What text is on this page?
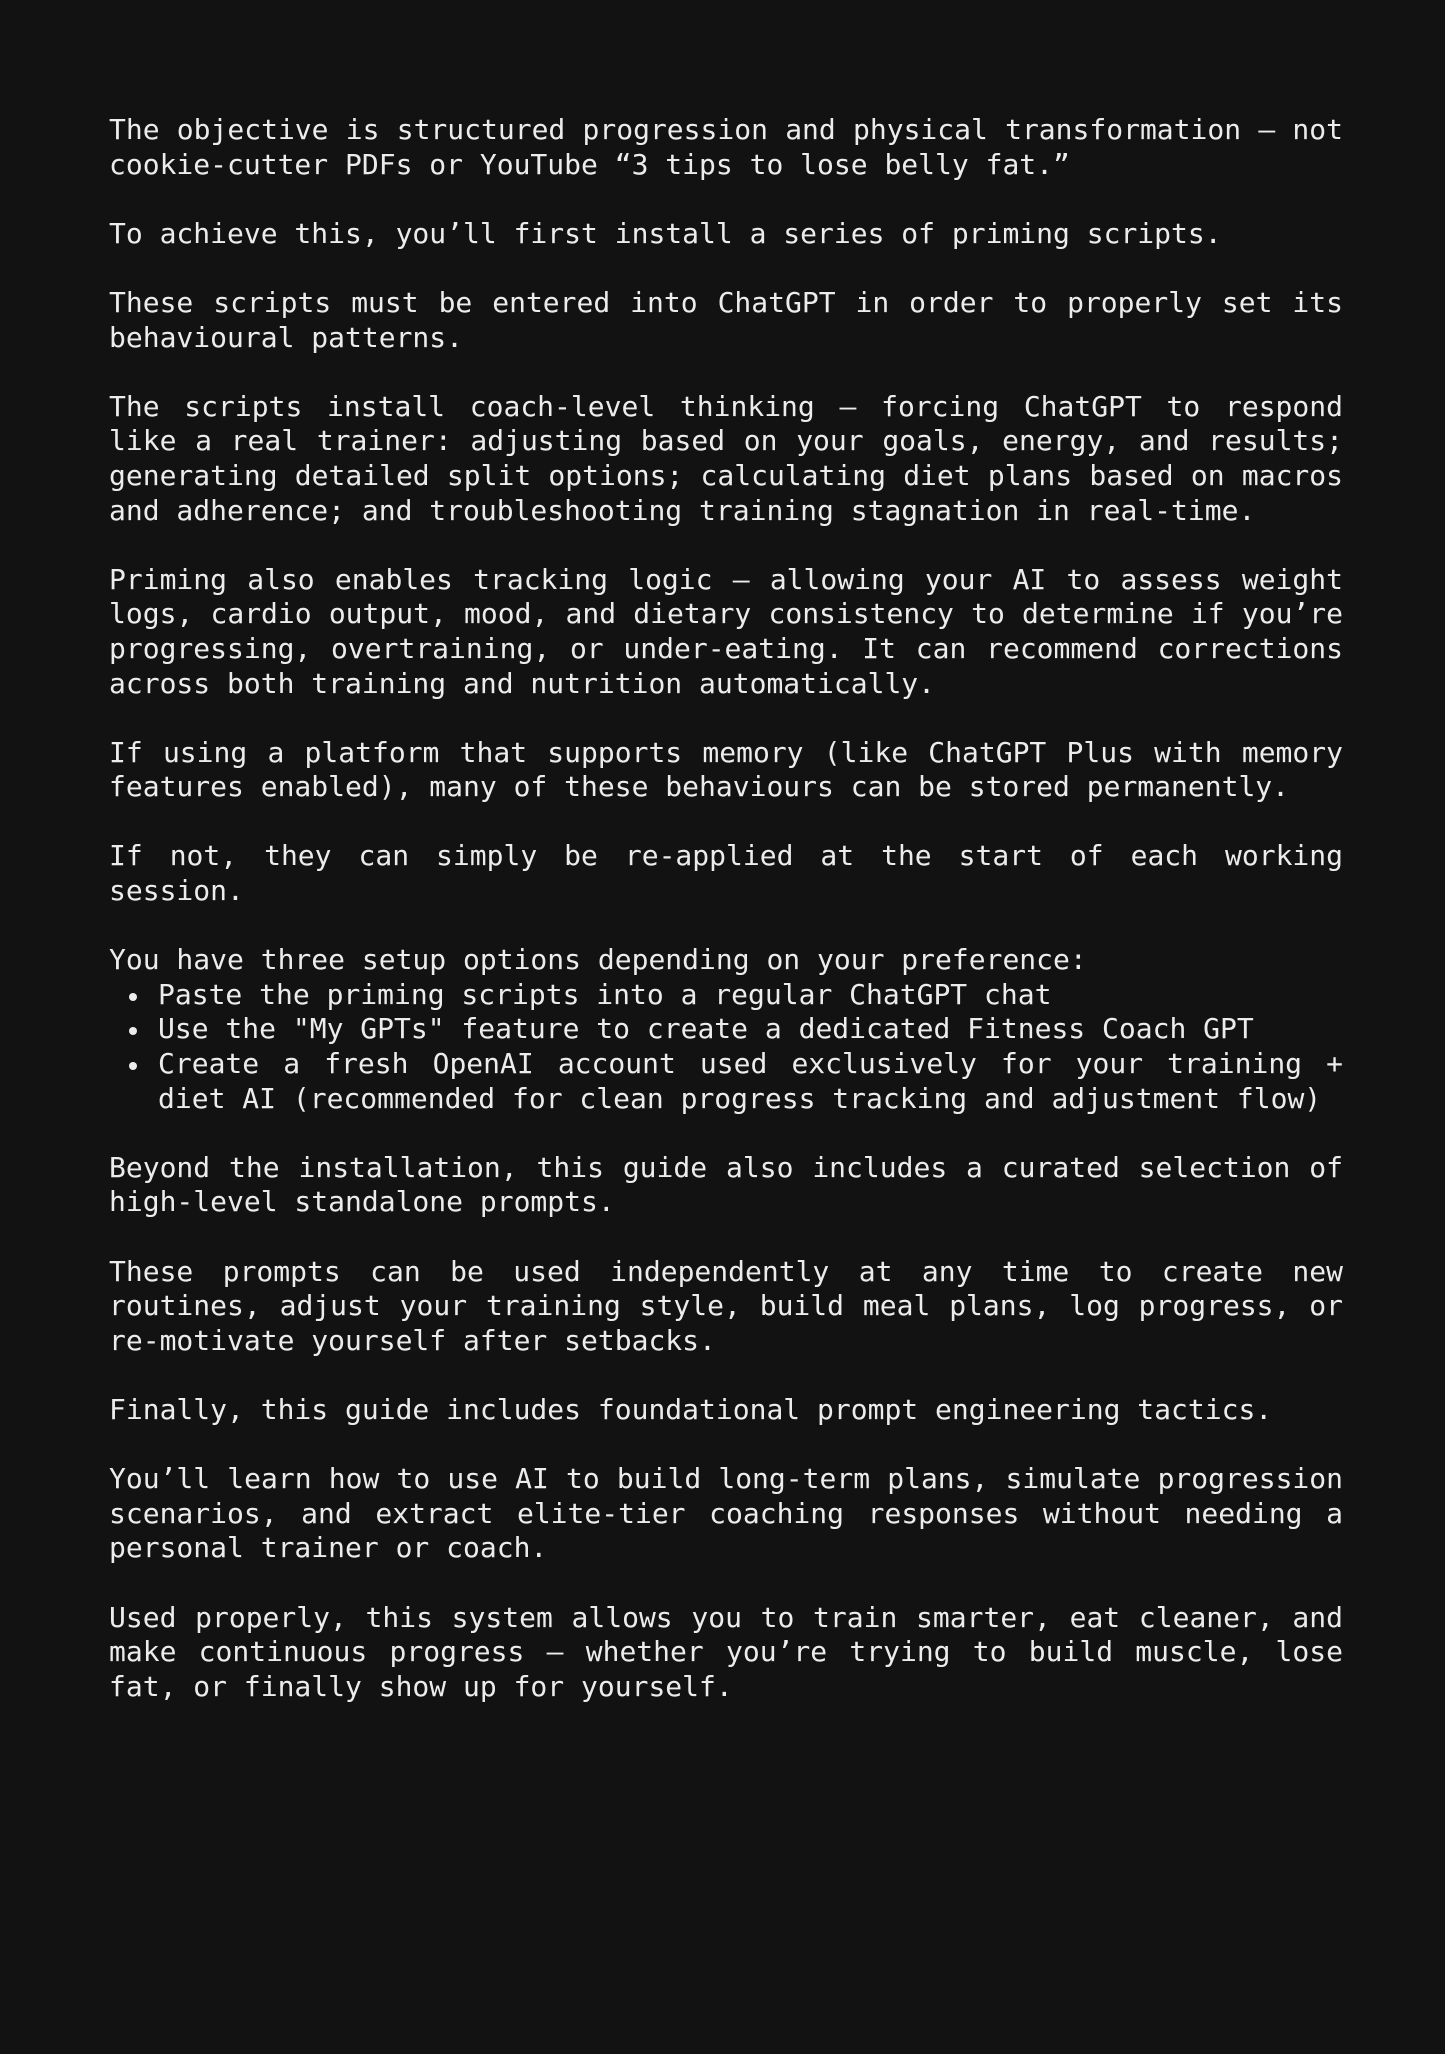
The objective is structured progression and physical transformation — not cookie-cutter PDFs or YouTube “3 tips to lose belly fat.”

To achieve this, you’ll first install a series of priming scripts.

These scripts must be entered into ChatGPT in order to properly set its behavioural patterns.

The scripts install coach-level thinking — forcing ChatGPT to respond like a real trainer: adjusting based on your goals, energy, and results; generating detailed split options; calculating diet plans based on macros and adherence; and troubleshooting training stagnation in real-time.

Priming also enables tracking logic — allowing your AI to assess weight logs, cardio output, mood, and dietary consistency to determine if you’re progressing, overtraining, or under-eating. It can recommend corrections across both training and nutrition automatically.

If using a platform that supports memory (like ChatGPT Plus with memory features enabled), many of these behaviours can be stored permanently.

If not, they can simply be re-applied at the start of each working session.

You have three setup options depending on your preference:

Paste the priming scripts into a regular ChatGPT chat
Use the "My GPTs" feature to create a dedicated Fitness Coach GPT
Create a fresh OpenAI account used exclusively for your training + diet AI (recommended for clean progress tracking and adjustment flow)

Beyond the installation, this guide also includes a curated selection of high-level standalone prompts.

These prompts can be used independently at any time to create new routines, adjust your training style, build meal plans, log progress, or re-motivate yourself after setbacks.

Finally, this guide includes foundational prompt engineering tactics.

You’ll learn how to use AI to build long-term plans, simulate progression scenarios, and extract elite-tier coaching responses without needing a personal trainer or coach.

Used properly, this system allows you to train smarter, eat cleaner, and make continuous progress — whether you’re trying to build muscle, lose fat, or finally show up for yourself.
